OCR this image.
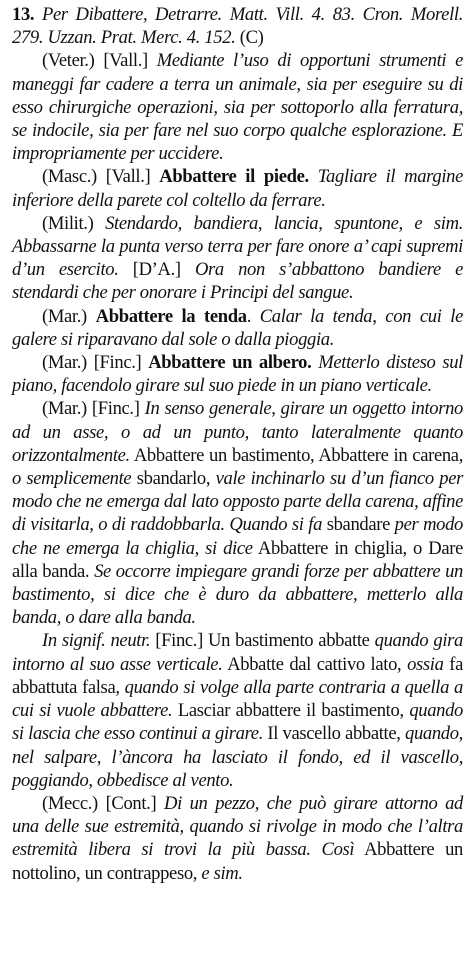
13. Per Dibattere, Detrarre. Matt. Vill. 4. 83. Cron. Morell. 279. Uzzan. Prat. Merc. 4. 152. (C)

(Veter.) [Vall.] Mediante l’uso di opportuni strumenti e maneggi far cadere a terra un animale, sia per eseguire su di esso chirurgiche operazioni, sia per sottoporlo alla ferratura, se indocile, sia per fare nel suo corpo qualche esplorazione. E impropriamente per uccidere.

(Masc.) [Vall.] Abbattere il piede. Tagliare il margine inferiore della parete col coltello da ferrare.

(Milit.) Stendardo, bandiera, lancia, spuntone, e sim. Abbassarne la punta verso terra per fare onore a’ capi supremi d’un esercito. [D’A.] Ora non s’abbattono bandiere e stendardi che per onorare i Principi del sangue.

(Mar.) Abbattere la tenda. Calar la tenda, con cui le galere si riparavano dal sole o dalla pioggia.

(Mar.) [Finc.] Abbattere un albero. Metterlo disteso sul piano, facendolo girare sul suo piede in un piano verticale.

(Mar.) [Finc.] In senso generale, girare un oggetto intorno ad un asse, o ad un punto, tanto lateralmente quanto orizzontalmente. Abbattere un bastimento, Abbattere in carena, o semplicemente sbandarlo, vale inchinarlo su d’un fianco per modo che ne emerga dal lato opposto parte della carena, affine di visitarla, o di raddobbarla. Quando si fa sbandare per modo che ne emerga la chiglia, si dice Abbattere in chiglia, o Dare alla banda. Se occorre impiegare grandi forze per abbattere un bastimento, si dice che è duro da abbattere, metterlo alla banda, o dare alla banda.

In signif. neutr. [Finc.] Un bastimento abbatte quando gira intorno al suo asse verticale. Abbatte dal cattivo lato, ossia fa abbattuta falsa, quando si volge alla parte contraria a quella a cui si vuole abbattere. Lasciar abbattere il bastimento, quando si lascia che esso continui a girare. Il vascello abbatte, quando, nel salpare, l’àncora ha lasciato il fondo, ed il vascello, poggiando, obbedisce al vento.

(Mecc.) [Cont.] Di un pezzo, che può girare attorno ad una delle sue estremità, quando si rivolge in modo che l’altra estremità libera si trovi la più bassa. Così Abbattere un nottolino, un contrappeso, e sim.
